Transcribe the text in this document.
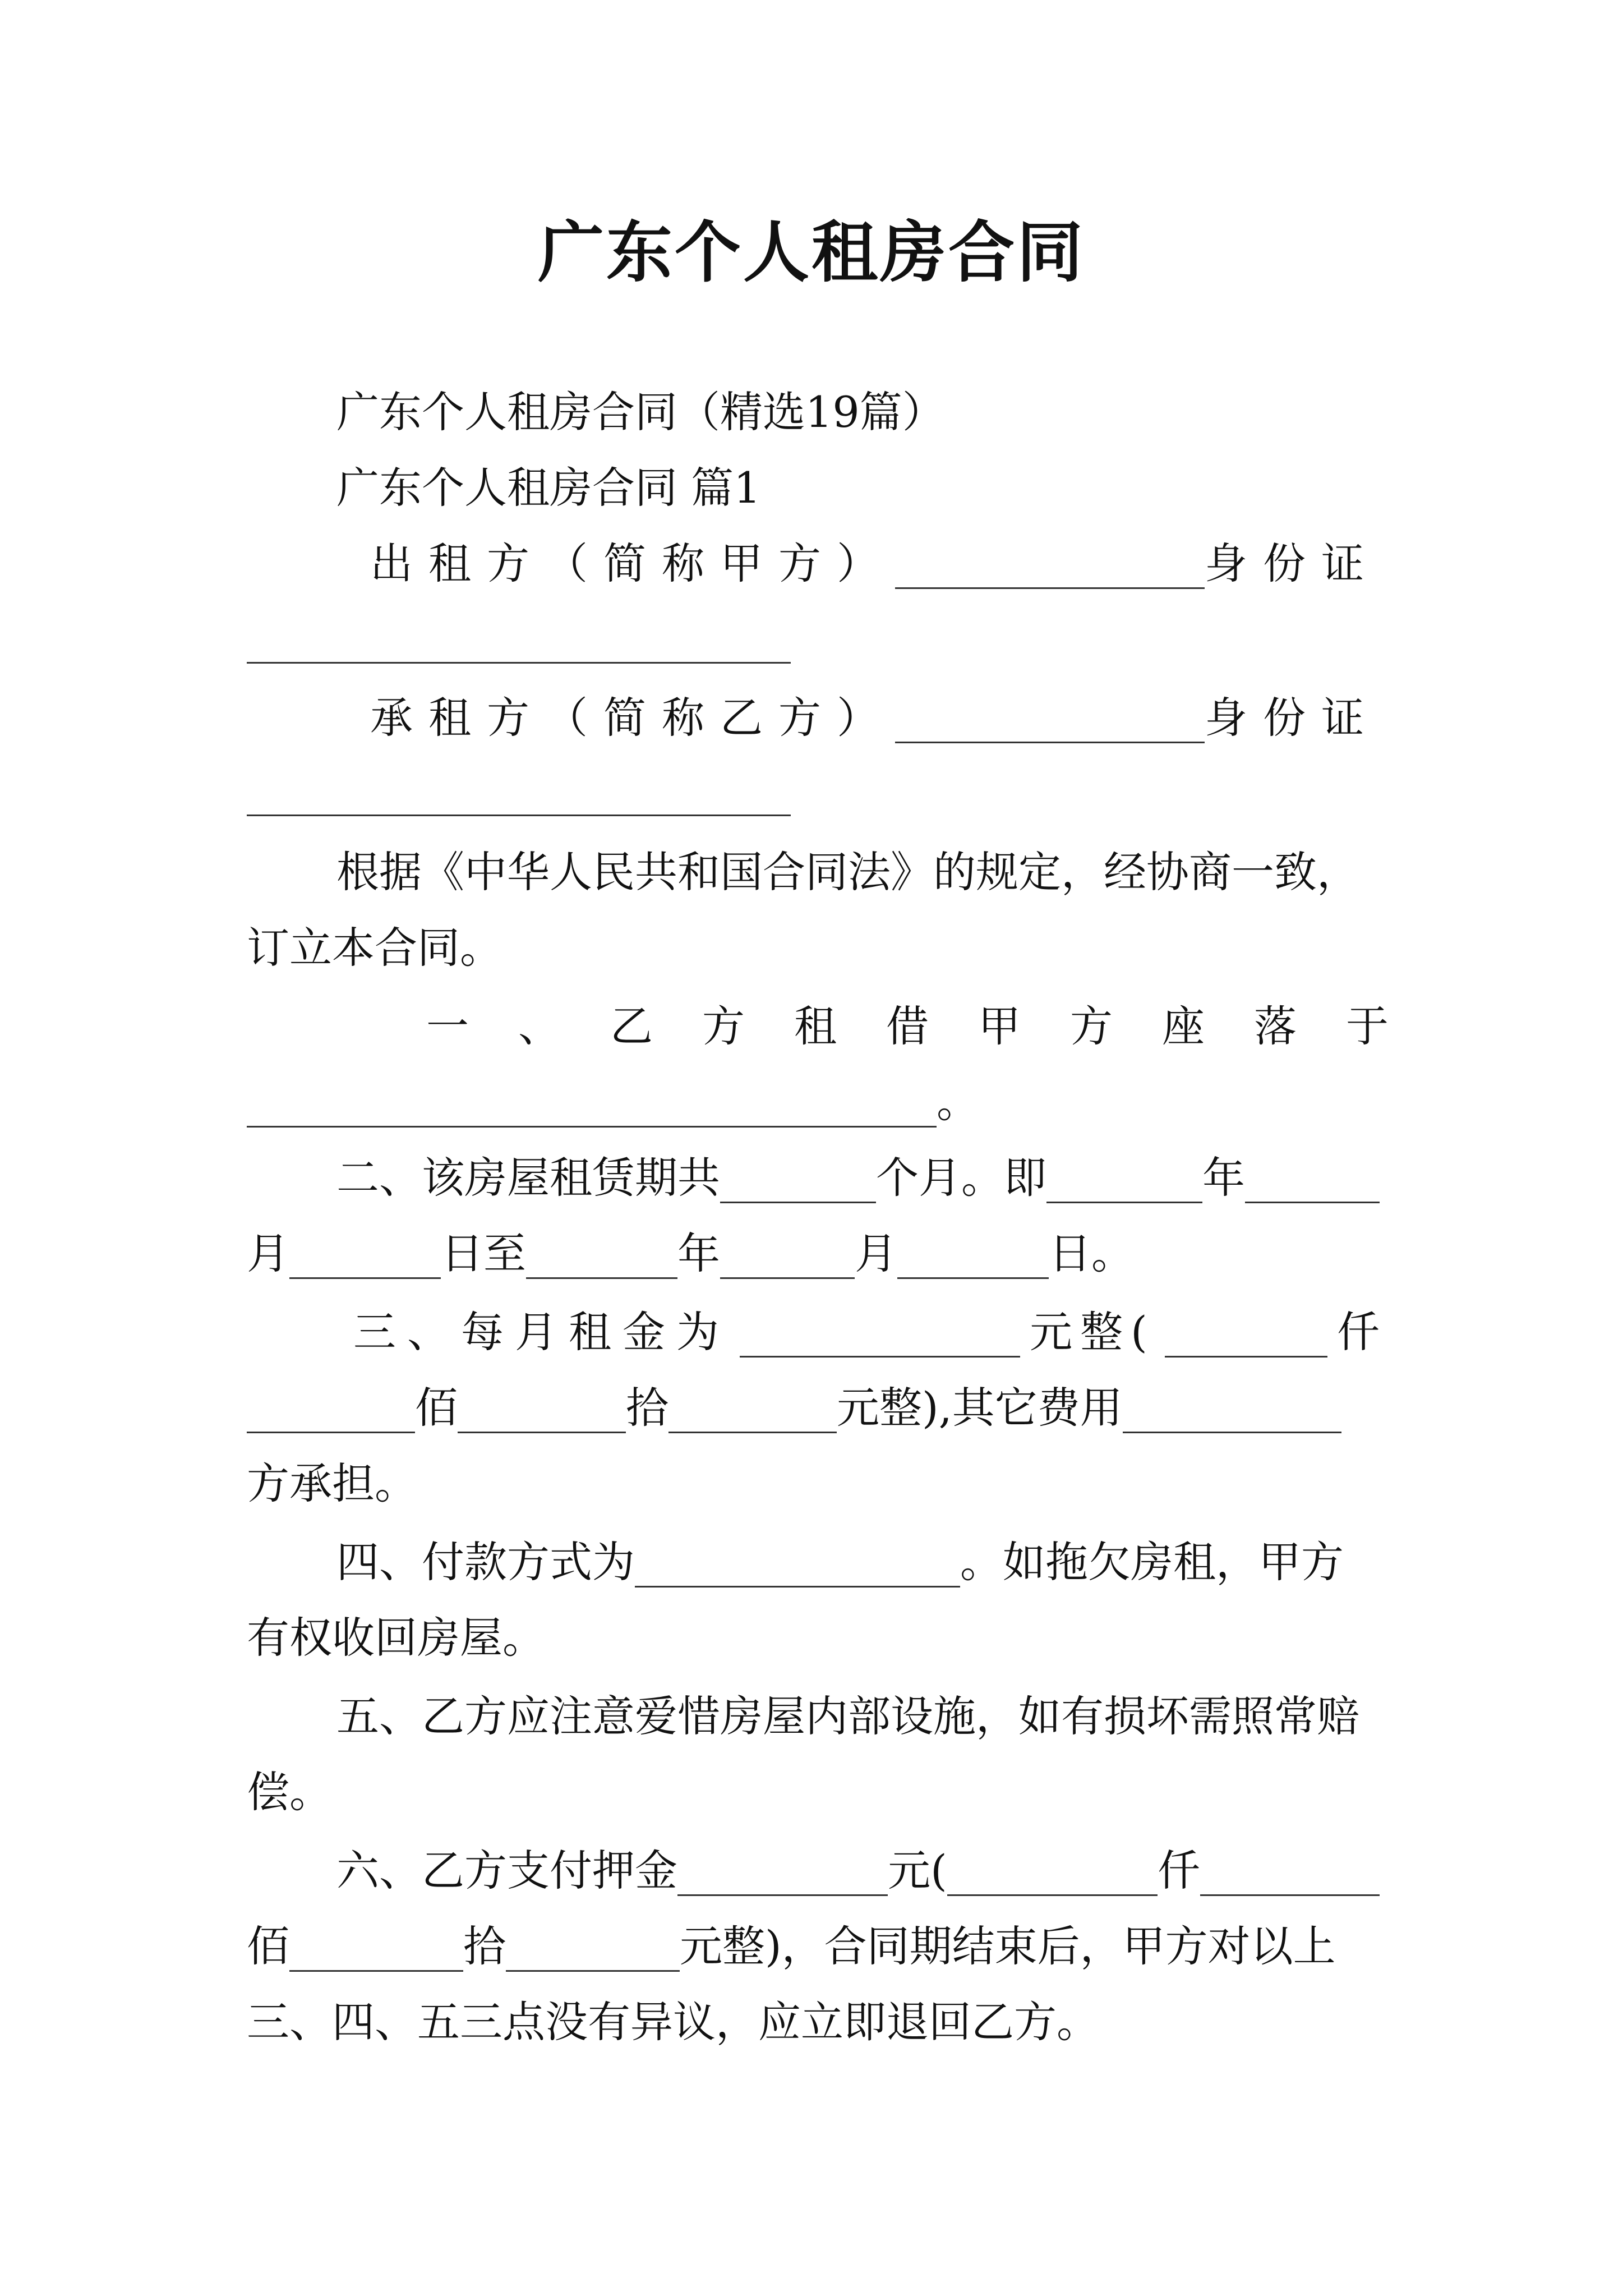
广东个人租房合同
广东个人租房合同（精选19篇）
广东个人租房合同 篇1
出租方（简称甲方）	身份证
承租方（简称乙方）	身份证
根据《中华人民共和国合同法》的规定，经协商一致，
订立本合同。
一、乙方租借甲方座落于
。
二、该房屋租赁期共	个月。即	年
月	日至	年	月	日。
三、每月租金为	元整(	仟
佰	拾	元整),其它费用
方承担。
四、付款方式为	。如拖欠房租，甲方
有权收回房屋。
五、乙方应注意爱惜房屋内部设施，如有损坏需照常赔
偿。
六、乙方支付押金	元(	仟
佰	拾	元整)，合同期结束后，甲方对以上
三、四、五三点没有异议，应立即退回乙方。
